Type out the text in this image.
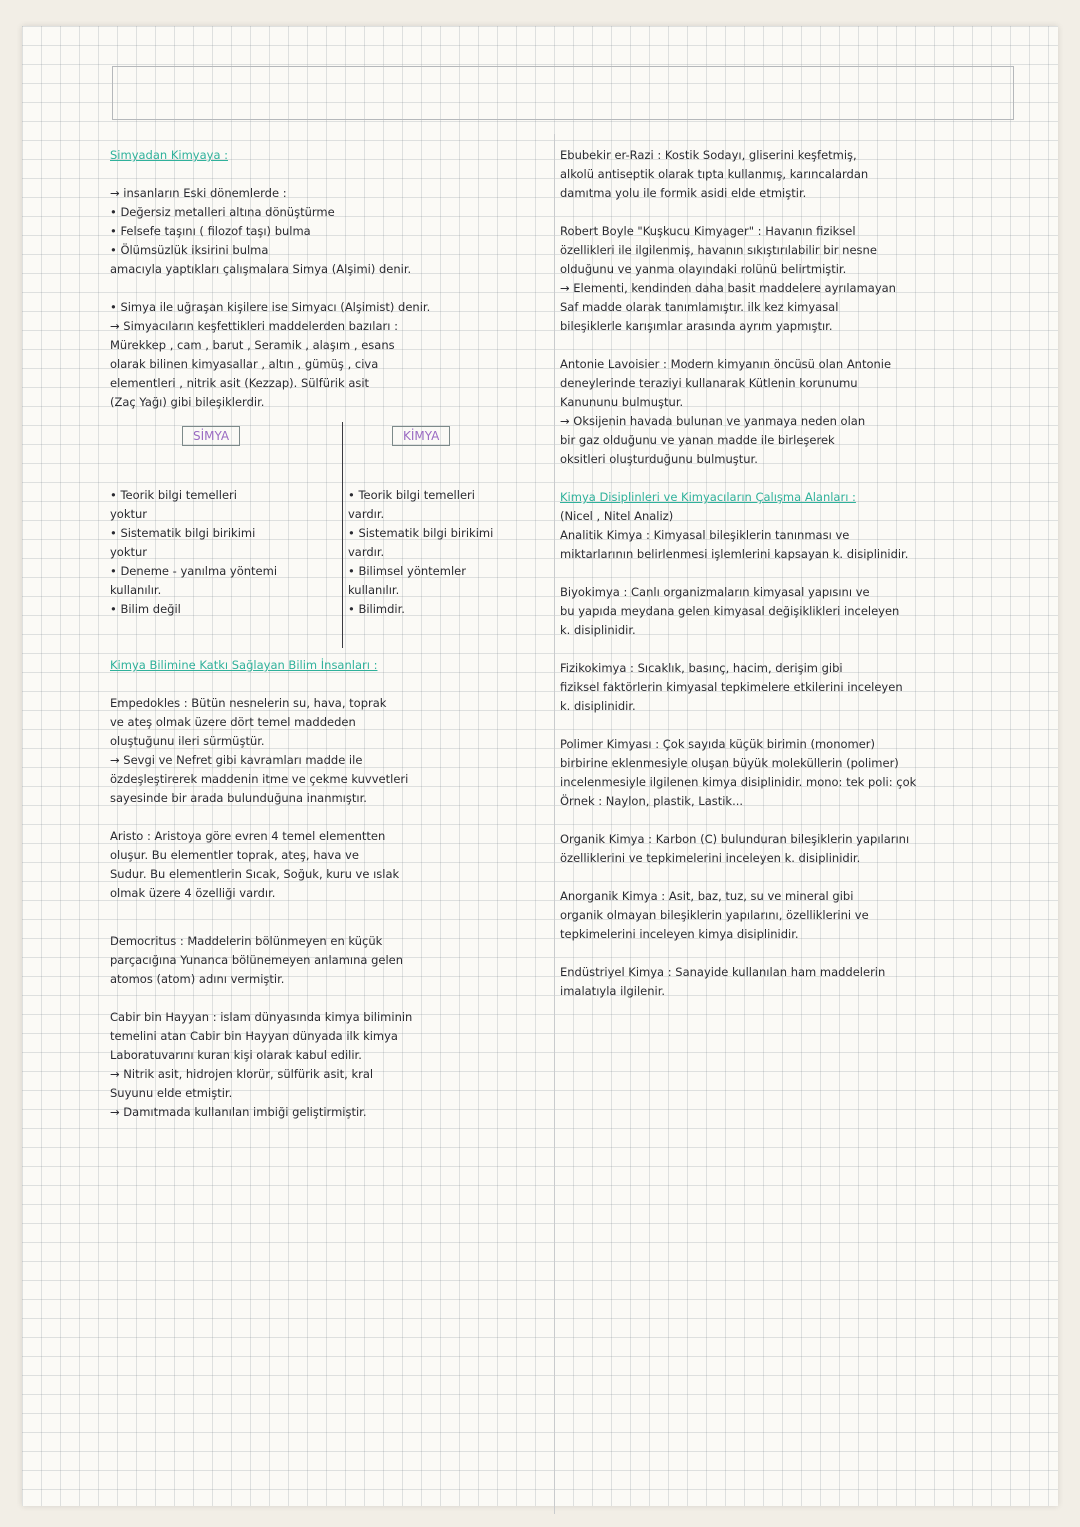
Simyadan Kimyaya :
→ insanların Eski dönemlerde :
• Değersiz metalleri altına dönüştürme
• Felsefe taşını ( filozof taşı) bulma
• Ölümsüzlük iksirini bulma
amacıyla yaptıkları çalışmalara Simya (Alşimi) denir.
• Simya ile uğraşan kişilere ise Simyacı (Alşimist) denir.
→ Simyacıların keşfettikleri maddelerden bazıları :
Mürekkep , cam , barut , Seramik , alaşım , esans
olarak bilinen kimyasallar , altın , gümüş , civa
elementleri , nitrik asit (Kezzap). Sülfürik asit
(Zaç Yağı) gibi bileşiklerdir.
SİMYA	KİMYA
• Teorik bilgi temelleri
yoktur
• Sistematik bilgi birikimi
yoktur
• Deneme - yanılma yöntemi
kullanılır.
• Bilim değil
• Teorik bilgi temelleri
vardır.
• Sistematik bilgi birikimi
vardır.
• Bilimsel yöntemler
kullanılır.
• Bilimdir.
Kimya Bilimine Katkı Sağlayan Bilim İnsanları :
Empedokles : Bütün nesnelerin su, hava, toprak
ve ateş olmak üzere dört temel maddeden
oluştuğunu ileri sürmüştür.
→ Sevgi ve Nefret gibi kavramları madde ile
özdeşleştirerek maddenin itme ve çekme kuvvetleri
sayesinde bir arada bulunduğuna inanmıştır.
Aristo : Aristoya göre evren 4 temel elementten
oluşur. Bu elementler toprak, ateş, hava ve
Sudur. Bu elementlerin Sıcak, Soğuk, kuru ve ıslak
olmak üzere 4 özelliği vardır.
Democritus : Maddelerin bölünmeyen en küçük
parçacığına Yunanca bölünemeyen anlamına gelen
atomos (atom) adını vermiştir.
Cabir bin Hayyan : islam dünyasında kimya biliminin
temelini atan Cabir bin Hayyan dünyada ilk kimya
Laboratuvarını kuran kişi olarak kabul edilir.
→ Nitrik asit, hidrojen klorür, sülfürik asit, kral
Suyunu elde etmiştir.
→ Damıtmada kullanılan imbiği geliştirmiştir.
Ebubekir er-Razi : Kostik Sodayı, gliserini keşfetmiş,
alkolü antiseptik olarak tıpta kullanmış, karıncalardan
damıtma yolu ile formik asidi elde etmiştir.
Robert Boyle "Kuşkucu Kimyager" : Havanın fiziksel
özellikleri ile ilgilenmiş, havanın sıkıştırılabilir bir nesne
olduğunu ve yanma olayındaki rolünü belirtmiştir.
→ Elementi, kendinden daha basit maddelere ayrılamayan
Saf madde olarak tanımlamıştır. ilk kez kimyasal
bileşiklerle karışımlar arasında ayrım yapmıştır.
Antonie Lavoisier : Modern kimyanın öncüsü olan Antonie
deneylerinde teraziyi kullanarak Kütlenin korunumu
Kanununu bulmuştur.
→ Oksijenin havada bulunan ve yanmaya neden olan
bir gaz olduğunu ve yanan madde ile birleşerek
oksitleri oluşturduğunu bulmuştur.
Kimya Disiplinleri ve Kimyacıların Çalışma Alanları :
(Nicel , Nitel Analiz)
Analitik Kimya : Kimyasal bileşiklerin tanınması ve
miktarlarının belirlenmesi işlemlerini kapsayan k. disiplinidir.
Biyokimya : Canlı organizmaların kimyasal yapısını ve
bu yapıda meydana gelen kimyasal değişiklikleri inceleyen
k. disiplinidir.
Fizikokimya : Sıcaklık, basınç, hacim, derişim gibi
fiziksel faktörlerin kimyasal tepkimelere etkilerini inceleyen
k. disiplinidir.
Polimer Kimyası : Çok sayıda küçük birimin (monomer)
birbirine eklenmesiyle oluşan büyük moleküllerin (polimer)
incelenmesiyle ilgilenen kimya disiplinidir. mono: tek poli: çok
Örnek : Naylon, plastik, Lastik...
Organik Kimya : Karbon (C) bulunduran bileşiklerin yapılarını
özelliklerini ve tepkimelerini inceleyen k. disiplinidir.
Anorganik Kimya : Asit, baz, tuz, su ve mineral gibi
organik olmayan bileşiklerin yapılarını, özelliklerini ve
tepkimelerini inceleyen kimya disiplinidir.
Endüstriyel Kimya : Sanayide kullanılan ham maddelerin
imalatıyla ilgilenir.
